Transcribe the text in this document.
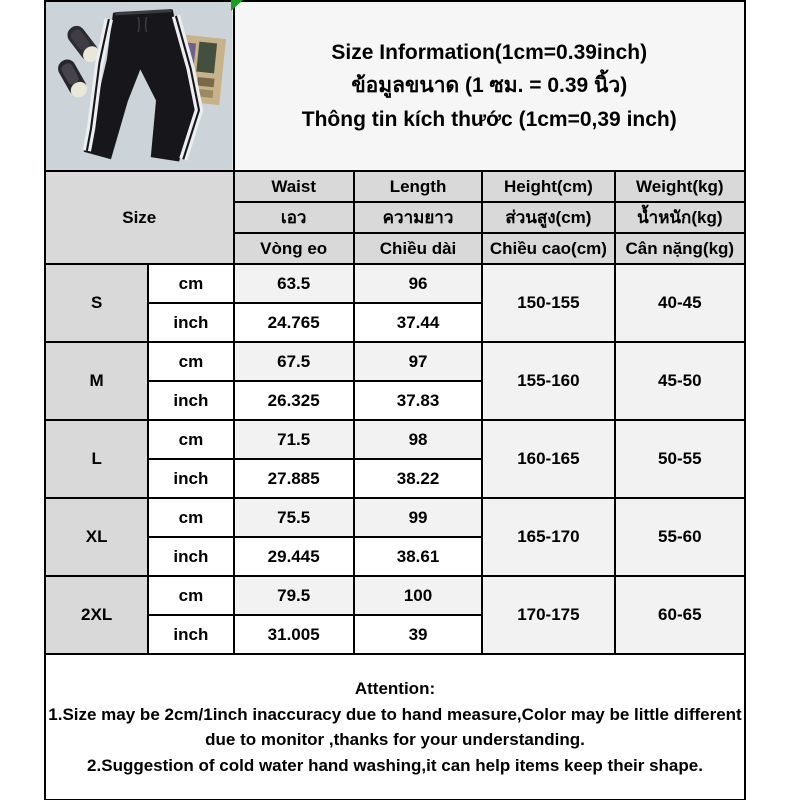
Size Information(1cm=0.39inch)
ข้อมูลขนาด (1 ซม. = 0.39 นิ้ว)
Thông tin kích thước (1cm=0,39 inch)			

Size		Waist	Length	Height(cm)	Weight(kg)
		เอว	ความยาว	ส่วนสูง(cm)	น้ำหนัก(kg)
		Vòng eo	Chiều dài	Chiều cao(cm)	Cân nặng(kg)
S	cm	63.5	96	150-155	40-45
	inch	24.765	37.44		
M	cm	67.5	97	155-160	45-50
	inch	26.325	37.83		
L	cm	71.5	98	160-165	50-55
	inch	27.885	38.22		
XL	cm	75.5	99	165-170	55-60
	inch	29.445	38.61		
2XL	cm	79.5	100	170-175	60-65
	inch	31.005	39		

Attention:
1.Size may be 2cm/1inch inaccuracy due to hand measure,Color may be little different due to monitor ,thanks for your understanding.
2.Suggestion of cold water hand washing,it can help items keep their shape.					
